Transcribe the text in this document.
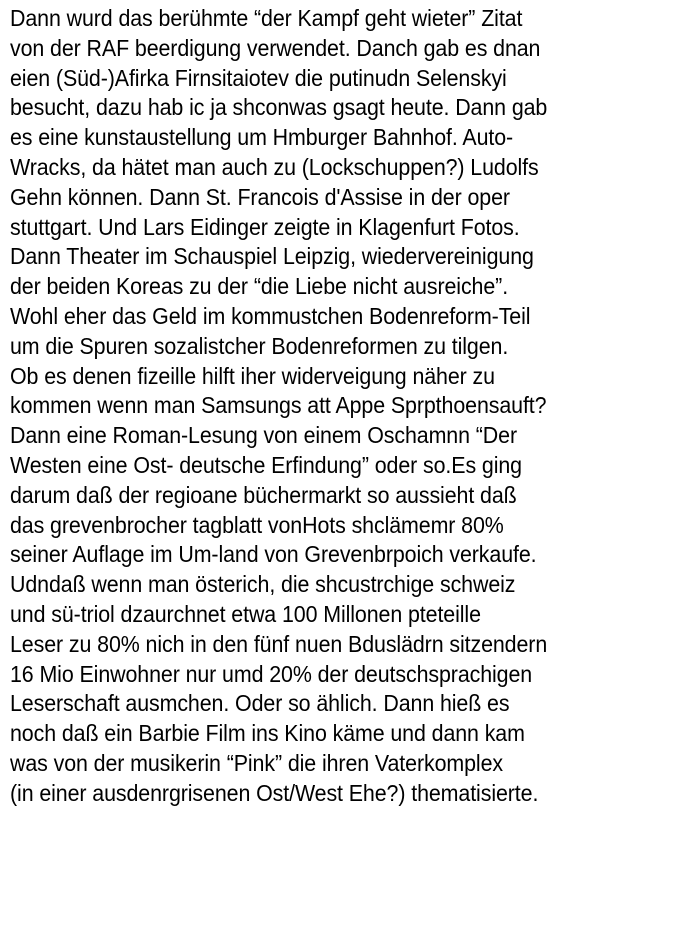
Dann wurd das berühmte “der Kampf geht wieter” Zitat
von der RAF beerdigung verwendet. Danch gab es dnan
eien (Süd-)Afirka Firnsitaiotev die putinudn Selenskyi
besucht, dazu hab ic ja shconwas gsagt heute. Dann gab
es eine kunstaustellung um Hmburger Bahnhof. Auto-
Wracks, da hätet man auch zu (Lockschuppen?) Ludolfs
Gehn können. Dann St. Francois d'Assise in der oper
stuttgart. Und Lars Eidinger zeigte in Klagenfurt Fotos.
Dann Theater im Schauspiel Leipzig, wiedervereinigung
der beiden Koreas zu der “die Liebe nicht ausreiche”.
Wohl eher das Geld im kommustchen Bodenreform-Teil
um die Spuren sozalistcher Bodenreformen zu tilgen.
Ob es denen fizeille hilft iher widerveigung näher zu
kommen wenn man Samsungs att Appe Sprpthoensauft?
Dann eine Roman-Lesung von einem Oschamnn “Der
Westen eine Ost- deutsche Erfindung” oder so.Es ging
darum daß der regioane büchermarkt so aussieht daß
das grevenbrocher tagblatt vonHots shclämemr 80%
seiner Auflage im Um-land von Grevenbrpoich verkaufe.
Udndaß wenn man österich, die shcustrchige schweiz
und sü-triol dzaurchnet etwa 100 Millonen pteteille
Leser zu 80% nich in den fünf nuen Bduslädrn sitzendern
16 Mio Einwohner nur umd 20% der deutschsprachigen
Leserschaft ausmchen. Oder so ählich. Dann hieß es
noch daß ein Barbie Film ins Kino käme und dann kam
was von der musikerin “Pink” die ihren Vaterkomplex
(in einer ausdenrgrisenen Ost/West Ehe?) thematisierte.
